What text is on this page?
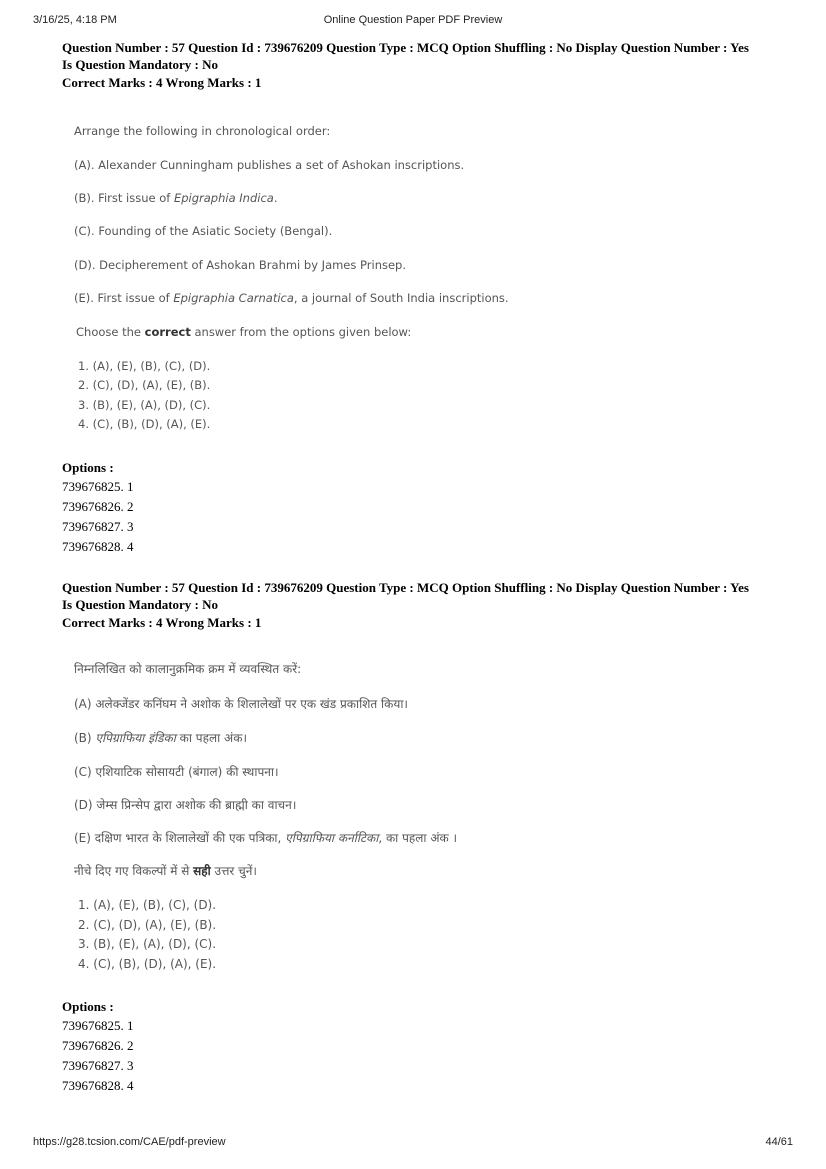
3/16/25, 4:18 PM	Online Question Paper PDF Preview
Question Number : 57 Question Id : 739676209 Question Type : MCQ Option Shuffling : No Display Question Number : Yes
Is Question Mandatory : No
Correct Marks : 4 Wrong Marks : 1
Arrange the following in chronological order:
(A). Alexander Cunningham publishes a set of Ashokan inscriptions.
(B). First issue of Epigraphia Indica.
(C). Founding of the Asiatic Society (Bengal).
(D). Decipherement of Ashokan Brahmi by James Prinsep.
(E). First issue of Epigraphia Carnatica, a journal of South India inscriptions.
Choose the correct answer from the options given below:
1. (A), (E), (B), (C), (D).
2. (C), (D), (A), (E), (B).
3. (B), (E), (A), (D), (C).
4. (C), (B), (D), (A), (E).
Options :
739676825. 1
739676826. 2
739676827. 3
739676828. 4
Question Number : 57 Question Id : 739676209 Question Type : MCQ Option Shuffling : No Display Question Number : Yes
Is Question Mandatory : No
Correct Marks : 4 Wrong Marks : 1
निम्नलिखित को कालानुक्रमिक क्रम में व्यवस्थित करें:
(A) अलेक्जेंडर कनिंघम ने अशोक के शिलालेखों पर एक खंड प्रकाशित किया।
(B) एपिग्राफिया इंडिका का पहला अंक।
(C) एशियाटिक सोसायटी (बंगाल) की स्थापना।
(D) जेम्स प्रिन्सेप द्वारा अशोक की ब्राह्मी का वाचन।
(E) दक्षिण भारत के शिलालेखों की एक पत्रिका, एपिग्राफिया कर्नाटिका, का पहला अंक ।
नीचे दिए गए विकल्पों में से सही उत्तर चुनें।
1. (A), (E), (B), (C), (D).
2. (C), (D), (A), (E), (B).
3. (B), (E), (A), (D), (C).
4. (C), (B), (D), (A), (E).
Options :
739676825. 1
739676826. 2
739676827. 3
739676828. 4
https://g28.tcsion.com/CAE/pdf-preview	44/61
